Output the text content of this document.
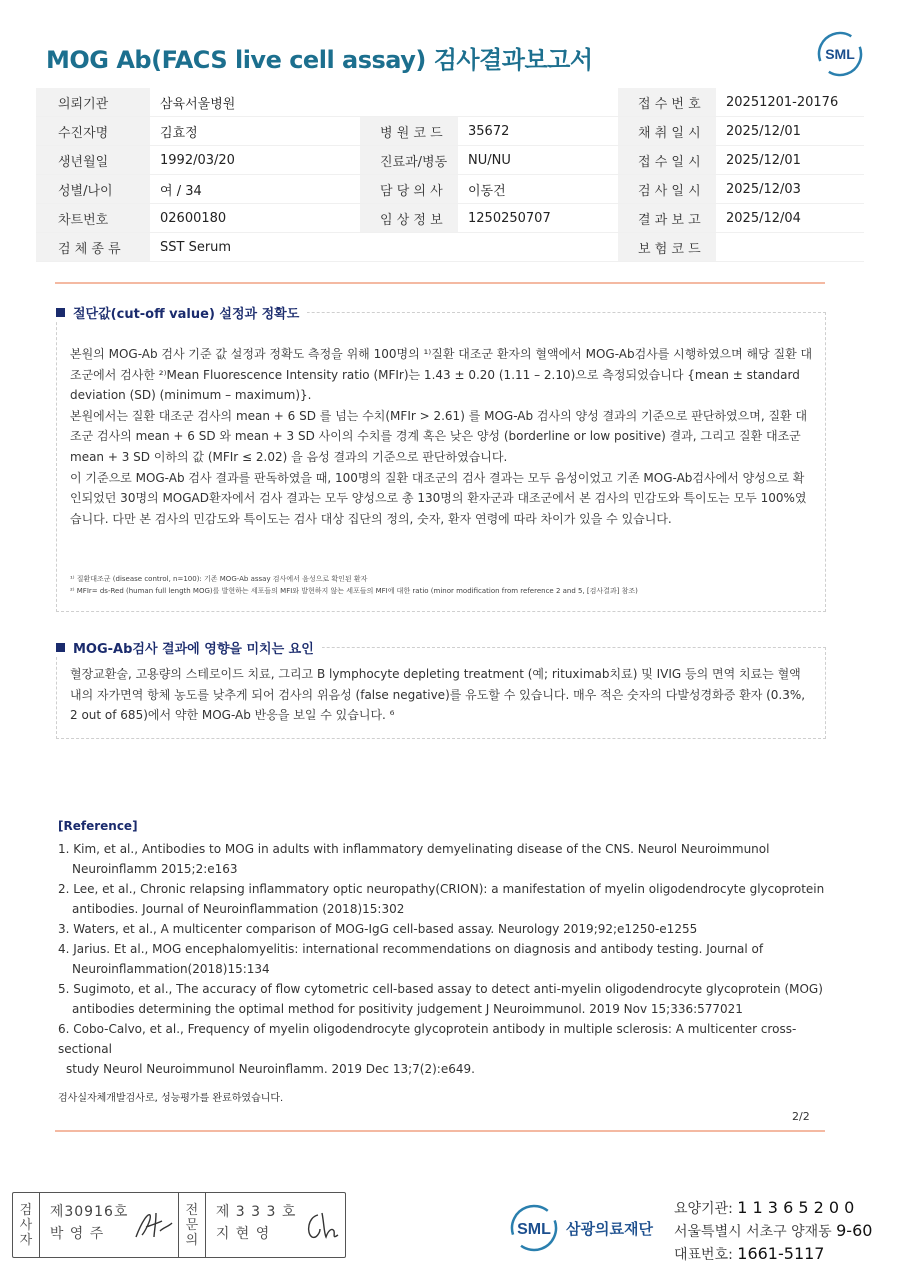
MOG Ab(FACS live cell assay) 검사결과보고서	SML
의뢰기관	삼육서울병원			접 수 번 호	20251201-20176
수진자명	김효정	병 원 코 드	35672	채 취 일 시	2025/12/01
생년월일	1992/03/20	진료과/병동	NU/NU	접 수 일 시	2025/12/01
성별/나이	여 / 34	담 당 의 사	이동건	검 사 일 시	2025/12/03
차트번호	02600180	임 상 정 보	1250250707	결 과 보 고	2025/12/04
검 체 종 류	SST Serum			보 험 코 드	
절단값(cut-off value) 설정과 정확도

본원의 MOG-Ab 검사 기준 값 설정과 정확도 측정을 위해 100명의 ¹⁾질환 대조군 환자의 혈액에서 MOG-Ab검사를 시행하였으며 해당 질환 대조군에서 검사한 ²⁾Mean Fluorescence Intensity ratio (MFIr)는 1.43 ± 0.20 (1.11 – 2.10)으로 측정되었습니다 {mean ± standard deviation (SD) (minimum – maximum)}.

본원에서는 질환 대조군 검사의 mean + 6 SD 를 넘는 수치(MFIr > 2.61) 를 MOG-Ab 검사의 양성 결과의 기준으로 판단하였으며, 질환 대조군 검사의 mean + 6 SD 와 mean + 3 SD 사이의 수치를 경계 혹은 낮은 양성 (borderline or low positive) 결과, 그리고 질환 대조군 mean + 3 SD 이하의 값 (MFIr ≤ 2.02) 을 음성 결과의 기준으로 판단하였습니다.

이 기준으로 MOG-Ab 검사 결과를 판독하였을 때, 100명의 질환 대조군의 검사 결과는 모두 음성이었고 기존 MOG-Ab검사에서 양성으로 확인되었던 30명의 MOGAD환자에서 검사 결과는 모두 양성으로 총 130명의 환자군과 대조군에서 본 검사의 민감도와 특이도는 모두 100%였습니다. 다만 본 검사의 민감도와 특이도는 검사 대상 집단의 정의, 숫자, 환자 연령에 따라 차이가 있을 수 있습니다.

¹⁾ 질환대조군 (disease control, n=100): 기존 MOG-Ab assay 검사에서 음성으로 확인된 환자

²⁾ MFIr= ds-Red (human full length MOG)를 발현하는 세포들의 MFI와 발현하지 않는 세포들의 MFI에 대한 ratio (minor modification from reference 2 and 5, [검사결과] 참조)

MOG-Ab검사 결과에 영향을 미치는 요인

혈장교환술, 고용량의 스테로이드 치료, 그리고 B lymphocyte depleting treatment (예; rituximab치료) 및 IVIG 등의 면역 치료는 혈액 내의 자가면역 항체 농도를 낮추게 되어 검사의 위음성 (false negative)를 유도할 수 있습니다. 매우 적은 숫자의 다발성경화증 환자 (0.3%, 2 out of 685)에서 약한 MOG-Ab 반응을 보일 수 있습니다. ⁶

[Reference]
1. Kim, et al., Antibodies to MOG in adults with inflammatory demyelinating disease of the CNS. Neurol Neuroimmunol Neuroinflamm 2015;2:e163
2. Lee, et al., Chronic relapsing inflammatory optic neuropathy(CRION): a manifestation of myelin oligodendrocyte glycoprotein antibodies. Journal of Neuroinflammation (2018)15:302
3. Waters, et al., A multicenter comparison of MOG-IgG cell-based assay. Neurology 2019;92;e1250-e1255
4. Jarius. Et al., MOG encephalomyelitis: international recommendations on diagnosis and antibody testing. Journal of Neuroinflammation(2018)15:134
5. Sugimoto, et al., The accuracy of flow cytometric cell-based assay to detect anti-myelin oligodendrocyte glycoprotein (MOG) antibodies determining the optimal method for positivity judgement J Neuroimmunol. 2019 Nov 15;336:577021
6. Cobo-Calvo, et al., Frequency of myelin oligodendrocyte glycoprotein antibody in multiple sclerosis: A multicenter cross-sectional
study Neurol Neuroimmunol Neuroinflamm. 2019 Dec 13;7(2):e649.
검사실자체개발검사로, 성능평가를 완료하였습니다.
2/2
검
사
자
제30916호
박 영 주
전
문
의
제 3 3 3 호
지 현 영	SML 삼광의료재단
요양기관: 1 1 3 6 5 2 0 0
서울특별시 서초구 양재동 9-60
대표번호: 1661-5117
